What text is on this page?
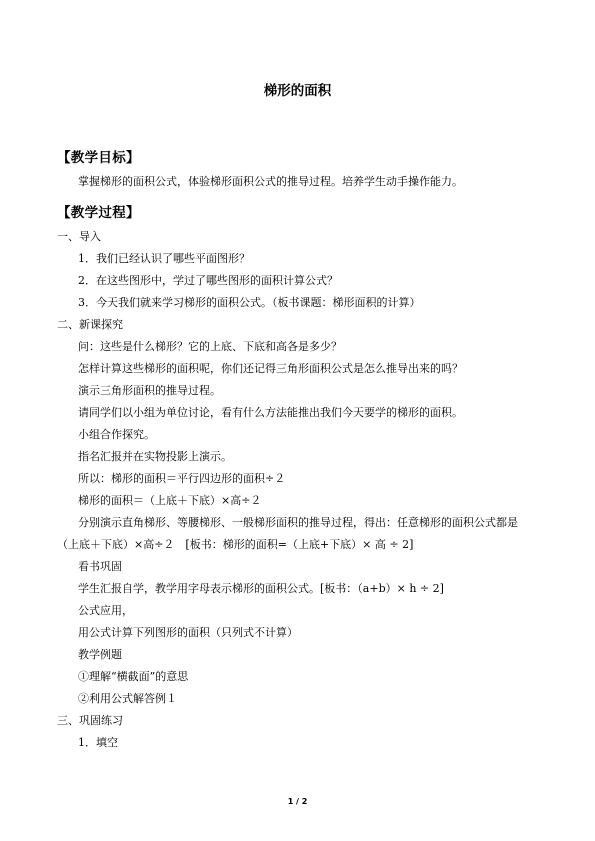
梯形的面积
【教学目标】
掌握梯形的面积公式，体验梯形面积公式的推导过程。培养学生动手操作能力。
【教学过程】
一、导入
1．我们已经认识了哪些平面图形？
2．在这些图形中，学过了哪些图形的面积计算公式？
3．今天我们就来学习梯形的面积公式。（板书课题：梯形面积的计算）
二、新课探究
问：这些是什么梯形？它的上底、下底和高各是多少？
怎样计算这些梯形的面积呢，你们还记得三角形面积公式是怎么推导出来的吗？
演示三角形面积的推导过程。
请同学们以小组为单位讨论，看有什么方法能推出我们今天要学的梯形的面积。
小组合作探究。
指名汇报并在实物投影上演示。
所以：梯形的面积＝平行四边形的面积÷２
梯形的面积＝（上底＋下底）×高÷２
分别演示直角梯形、等腰梯形、一般梯形面积的推导过程，得出：任意梯形的面积公式都是（上底＋下底）×高÷２　[板书：梯形的面积=（上底+下底）× 高 ÷ 2]
看书巩固
学生汇报自学，教学用字母表示梯形的面积公式。[板书：（a+b）× h ÷ 2]
公式应用，
用公式计算下列图形的面积（只列式不计算）
教学例题
①理解“横截面”的意思
②利用公式解答例１
三、巩固练习
1．填空
1 / 2
